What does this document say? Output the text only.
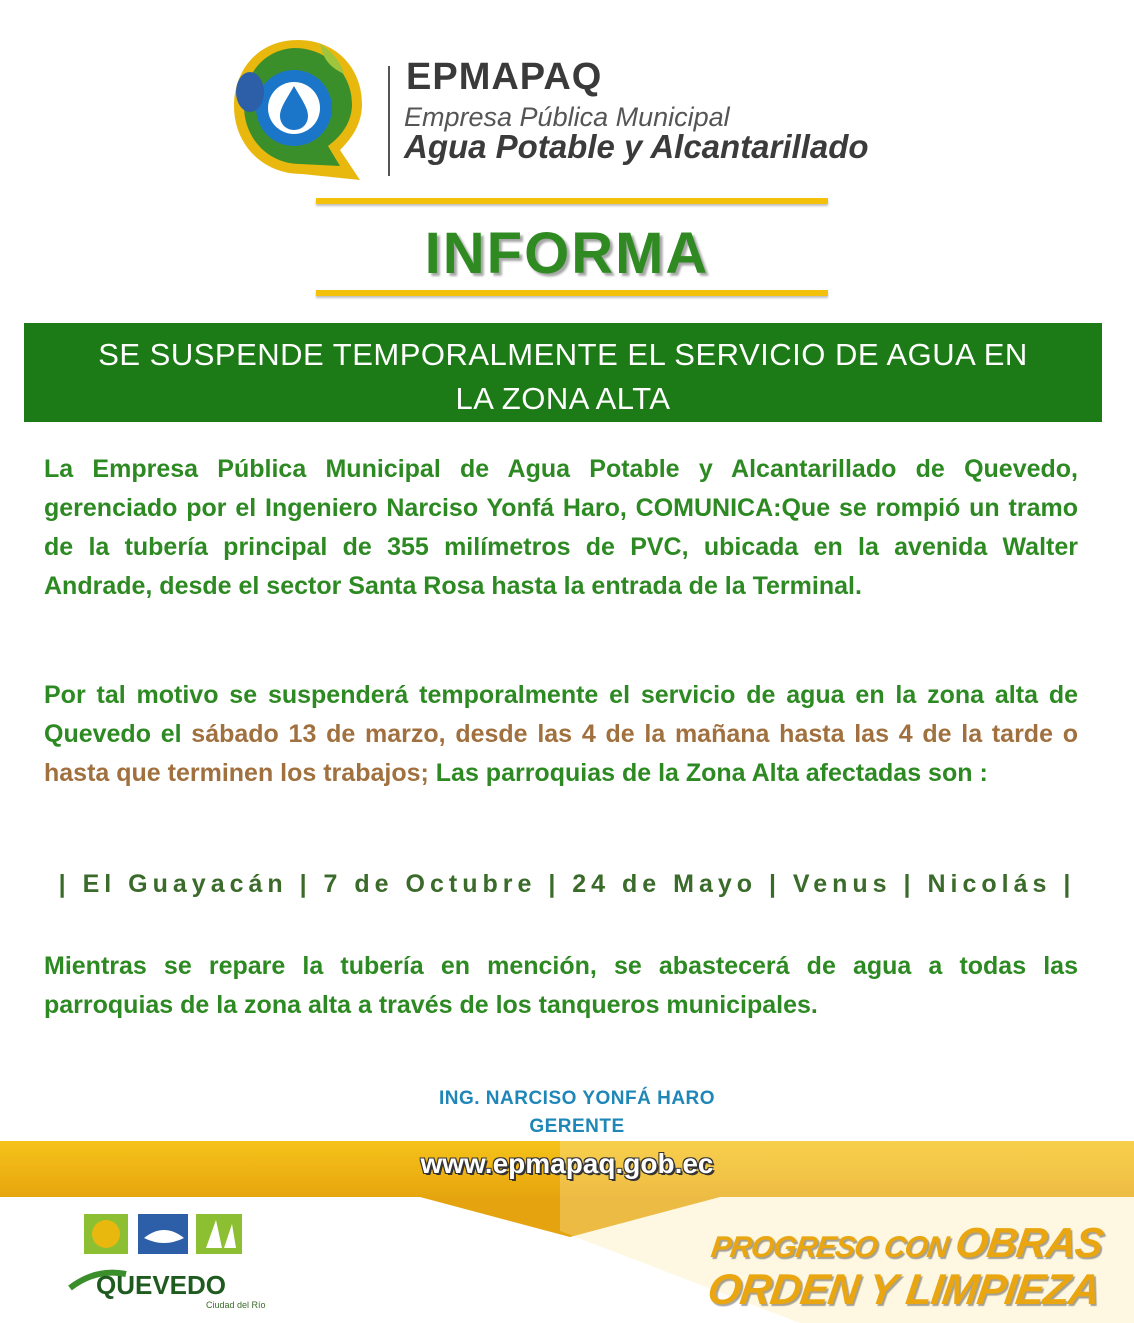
EPMAPAQ
Empresa Pública Municipal
Agua Potable y Alcantarillado
INFORMA
SE SUSPENDE TEMPORALMENTE EL SERVICIO DE AGUA EN
LA ZONA ALTA
La Empresa Pública Municipal de Agua Potable y Alcantarillado de Quevedo, gerenciado por el Ingeniero Narciso Yonfá Haro, COMUNICA:Que se rompió un tramo de la tubería principal de 355 milímetros de PVC, ubicada en la avenida Walter Andrade, desde el sector Santa Rosa hasta la entrada de la Terminal.
Por tal motivo se suspenderá temporalmente el servicio de agua en la zona alta de Quevedo el sábado 13 de marzo, desde las 4 de la mañana hasta las 4 de la tarde o hasta que terminen los trabajos; Las parroquias de la Zona Alta afectadas son :
| El Guayacán | 7 de Octubre | 24 de Mayo | Venus | Nicolás |
Mientras se repare la tubería en mención, se abastecerá de agua a todas las parroquias de la zona alta a través de los tanqueros municipales.
ING. NARCISO YONFÁ HARO
GERENTE
www.epmapaq.gob.ec
QUEVEDO
Ciudad del Río
PROGRESO CON OBRAS
ORDEN Y LIMPIEZA
